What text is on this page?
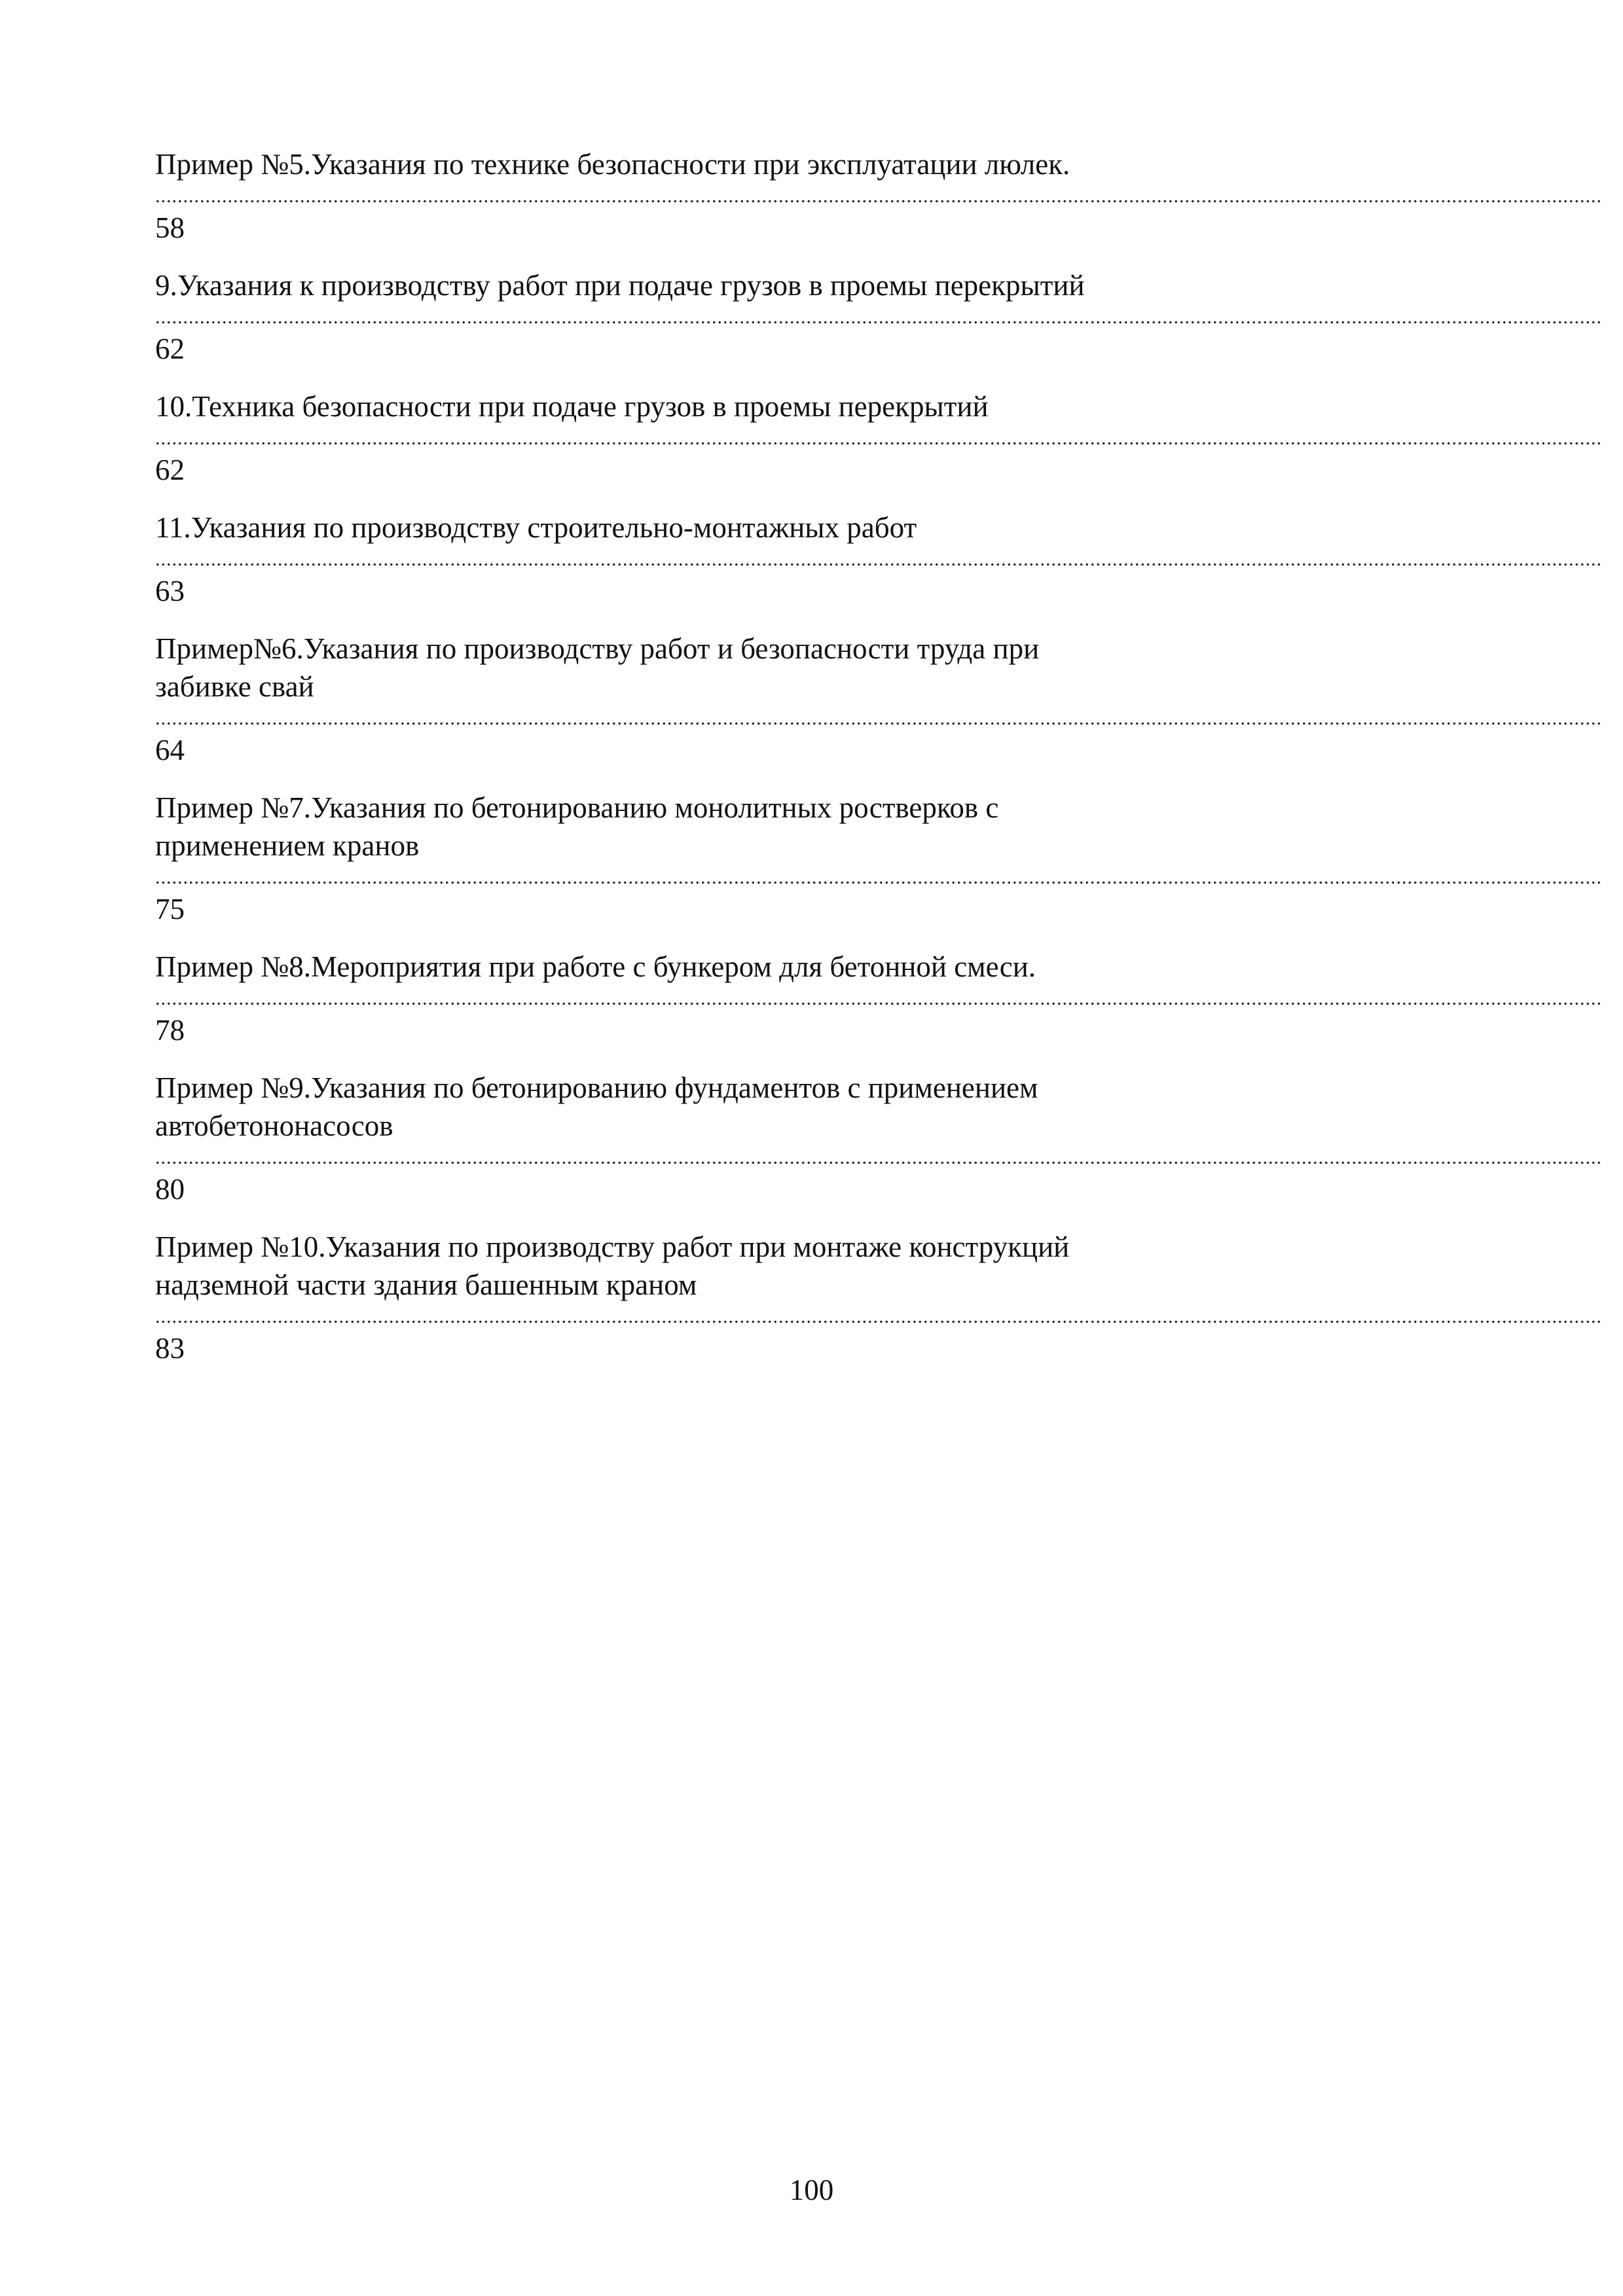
Пример №5.Указания по технике безопасности при эксплуатации люлек.
....................................................................................................................................................................................................................................................................
58
9.Указания к производству работ при подаче грузов в проемы перекрытий
....................................................................................................................................................................................................................................................................
62
10.Техника безопасности при подаче грузов в проемы перекрытий
....................................................................................................................................................................................................................................................................
62
11.Указания по производству строительно-монтажных работ
....................................................................................................................................................................................................................................................................
63
Пример№6.Указания по производству работ и безопасности труда при
забивке свай
....................................................................................................................................................................................................................................................................
64
Пример №7.Указания по бетонированию монолитных ростверков с
применением кранов
....................................................................................................................................................................................................................................................................
75
Пример №8.Мероприятия при работе с бункером для бетонной смеси.
....................................................................................................................................................................................................................................................................
78
Пример №9.Указания по бетонированию фундаментов с применением
автобетононасосов
....................................................................................................................................................................................................................................................................
80
Пример №10.Указания по производству работ при монтаже конструкций
надземной части здания башенным краном
....................................................................................................................................................................................................................................................................
83
100
